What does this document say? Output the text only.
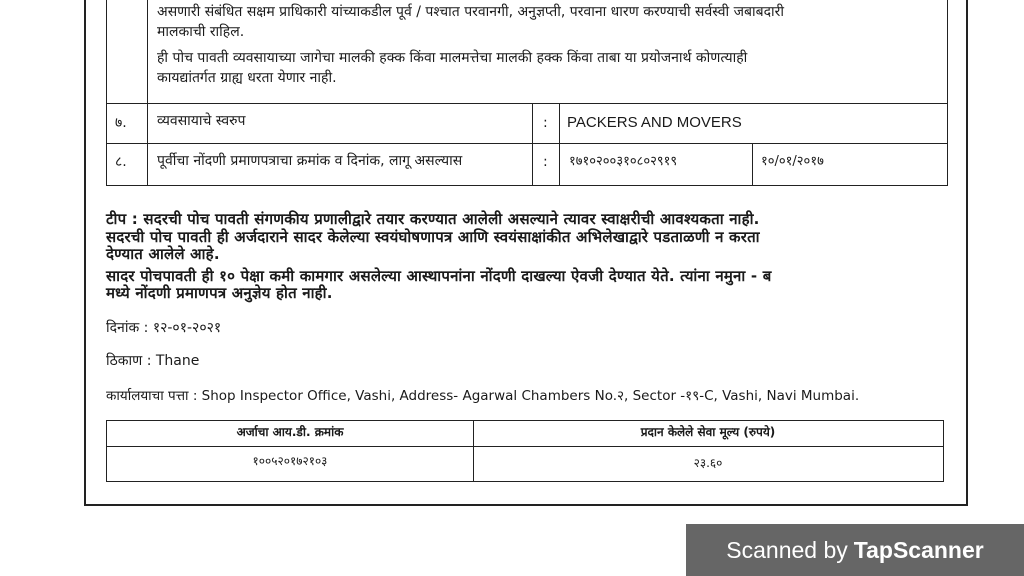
असणारी संबंधित सक्षम प्राधिकारी यांच्याकडील पूर्व / पश्चात परवानगी, अनुज्ञप्ती, परवाना धारण करण्याची सर्वस्वी जबाबदारी
मालकाची राहिल.
ही पोच पावती व्यवसायाच्या जागेचा मालकी हक्क किंवा मालमत्तेचा मालकी हक्क किंवा ताबा या प्रयोजनार्थ कोणत्याही
कायद्यांतर्गत ग्राह्य धरता येणार नाही.
७. व्यवसायाचे स्वरुप	: PACKERS AND MOVERS
८. पूर्वीचा नोंदणी प्रमाणपत्राचा क्रमांक व दिनांक, लागू असल्यास	: १७१०२००३१०८०२९१९	१०/०१/२०१७
टीप : सदरची पोच पावती संगणकीय प्रणालीद्वारे तयार करण्यात आलेली असल्याने त्यावर स्वाक्षरीची आवश्यकता नाही.
सदरची पोच पावती ही अर्जदाराने सादर केलेल्या स्वयंघोषणापत्र आणि स्वयंसाक्षांकीत अभिलेखाद्वारे पडताळणी न करता
देण्यात आलेले आहे.
सादर पोचपावती ही १० पेक्षा कमी कामगार असलेल्या आस्थापनांना नोंदणी दाखल्या ऐवजी देण्यात येते. त्यांना नमुना - ब
मध्ये नोंदणी प्रमाणपत्र अनुज्ञेय होत नाही.
दिनांक : १२-०१-२०२१
ठिकाण : Thane
कार्यालयाचा पत्ता : Shop Inspector Office, Vashi, Address- Agarwal Chambers No.२, Sector -१९-C, Vashi, Navi Mumbai.
अर्जाचा आय.डी. क्रमांक	प्रदान केलेले सेवा मूल्य (रुपये)
१००५२०१७२१०३	२३.६०
Scanned by TapScanner
